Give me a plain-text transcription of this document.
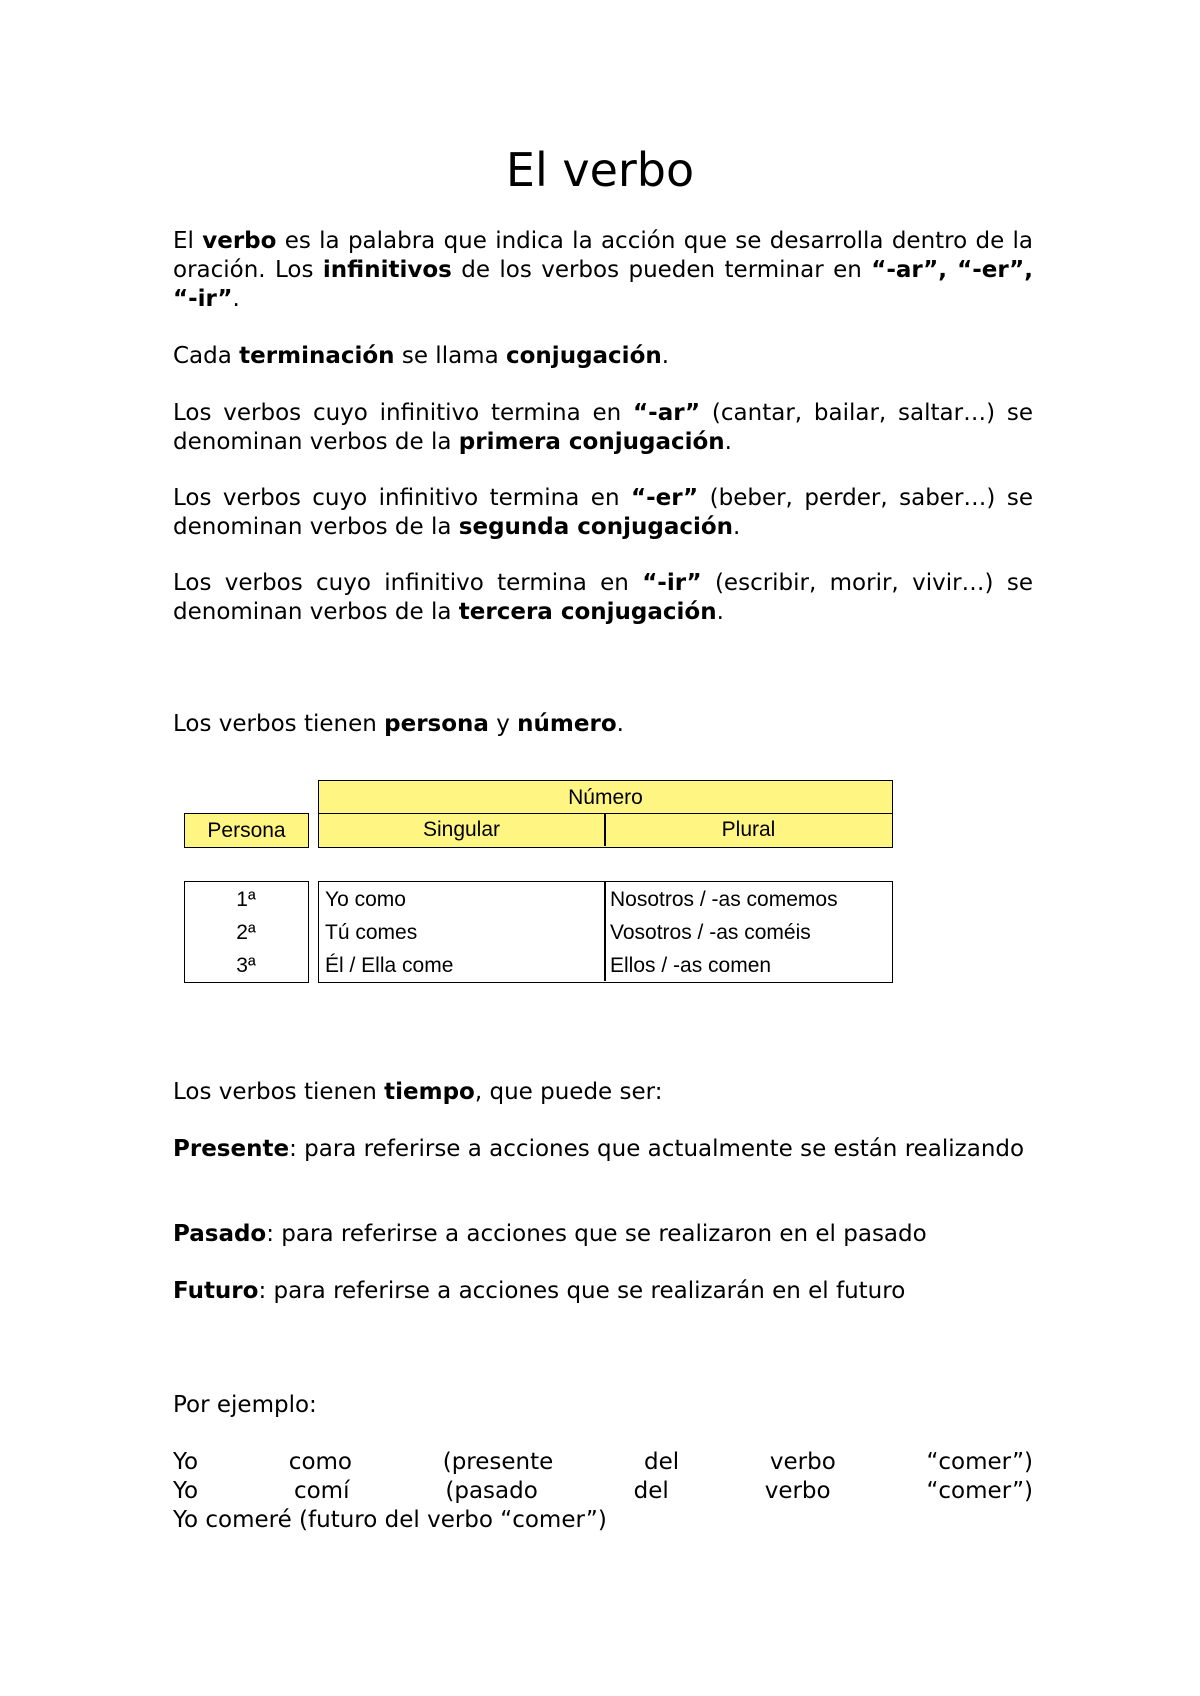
El verbo

El verbo es la palabra que indica la acción que se desarrolla dentro de la oración. Los infinitivos de los verbos pueden terminar en “-ar”, “-er”, “-ir”.

Cada terminación se llama conjugación.

Los verbos cuyo infinitivo termina en “-ar” (cantar, bailar, saltar…) se denominan verbos de la primera conjugación.

Los verbos cuyo infinitivo termina en “-er” (beber, perder, saber…) se denominan verbos de la segunda conjugación.

Los verbos cuyo infinitivo termina en “-ir” (escribir, morir, vivir…) se denominan verbos de la tercera conjugación.

Los verbos tienen persona y número.

Número
Singular	Plural
Persona
1ª
2ª
3ª
Yo como
Tú comes
Él / Ella come
Nosotros / -as comemos
Vosotros / -as coméis
Ellos / -as comen

Los verbos tienen tiempo, que puede ser:

Presente: para referirse a acciones que actualmente se están realizando

Pasado: para referirse a acciones que se realizaron en el pasado

Futuro: para referirse a acciones que se realizarán en el futuro

Por ejemplo:

Yo como (presente del verbo “comer”)

Yo comí (pasado del verbo “comer”)

Yo comeré (futuro del verbo “comer”)
